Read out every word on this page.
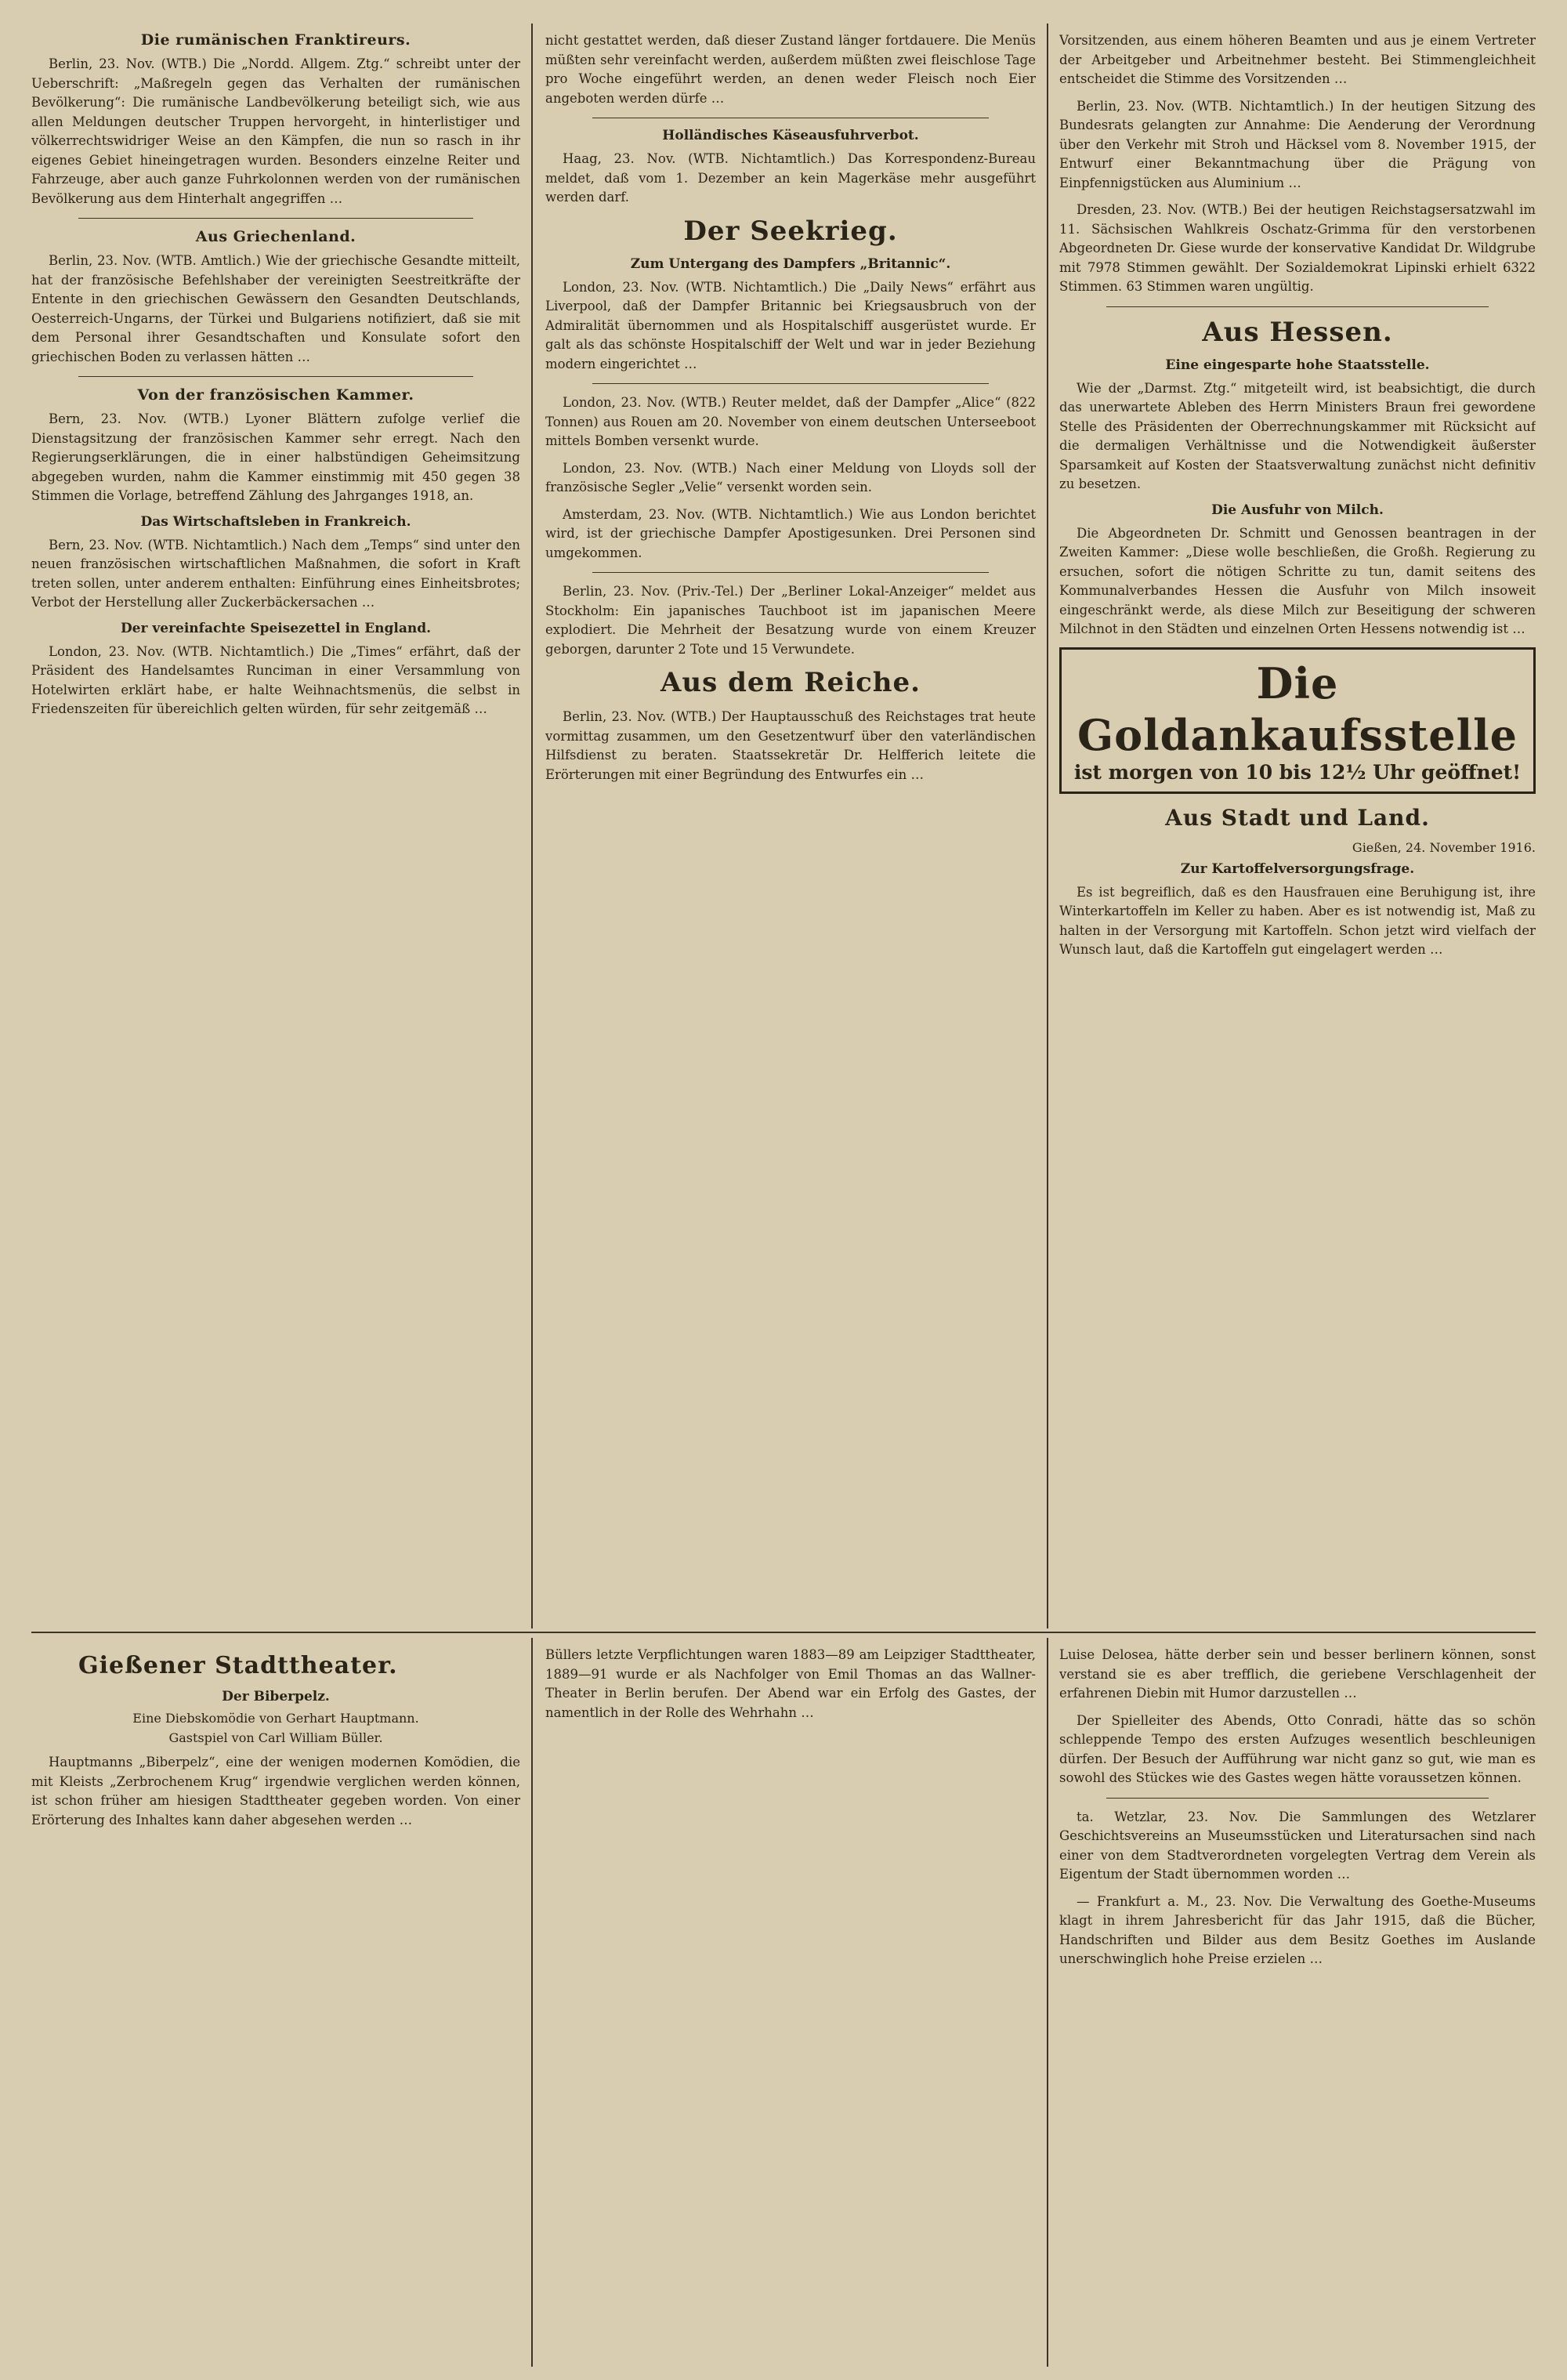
Die rumänischen Franktireurs.

Berlin, 23. Nov. (WTB.) Die „Nordd. Allgem. Ztg.“ schreibt unter der Ueberschrift: „Maßregeln gegen das Verhalten der rumänischen Bevölkerung“: Die rumänische Landbevölkerung beteiligt sich, wie aus allen Meldungen deutscher Truppen hervorgeht, in hinterlistiger und völkerrechtswidriger Weise an den Kämpfen, die nun so rasch in ihr eigenes Gebiet hineingetragen wurden. Besonders einzelne Reiter und Fahrzeuge, aber auch ganze Fuhrkolonnen werden von der rumänischen Bevölkerung aus dem Hinterhalt angegriffen …

Aus Griechenland.

Berlin, 23. Nov. (WTB. Amtlich.) Wie der griechische Gesandte mitteilt, hat der französische Befehlshaber der vereinigten Seestreitkräfte der Entente in den griechischen Gewässern den Gesandten Deutschlands, Oesterreich-Ungarns, der Türkei und Bulgariens notifiziert, daß sie mit dem Personal ihrer Gesandtschaften und Konsulate sofort den griechischen Boden zu verlassen hätten …

Von der französischen Kammer.

Bern, 23. Nov. (WTB.) Lyoner Blättern zufolge verlief die Dienstagsitzung der französischen Kammer sehr erregt. Nach den Regierungserklärungen, die in einer halbstündigen Geheimsitzung abgegeben wurden, nahm die Kammer einstimmig mit 450 gegen 38 Stimmen die Vorlage, betreffend Zählung des Jahrganges 1918, an.

Das Wirtschaftsleben in Frankreich.

Bern, 23. Nov. (WTB. Nichtamtlich.) Nach dem „Temps“ sind unter den neuen französischen wirtschaftlichen Maßnahmen, die sofort in Kraft treten sollen, unter anderem enthalten: Einführung eines Einheitsbrotes; Verbot der Herstellung aller Zuckerbäckersachen …

Der vereinfachte Speisezettel in England.

London, 23. Nov. (WTB. Nichtamtlich.) Die „Times“ erfährt, daß der Präsident des Handelsamtes Runciman in einer Versammlung von Hotelwirten erklärt habe, er halte Weihnachtsmenüs, die selbst in Friedenszeiten für übereichlich gelten würden, für sehr zeitgemäß …

nicht gestattet werden, daß dieser Zustand länger fortdauere. Die Menüs müßten sehr vereinfacht werden, außerdem müßten zwei fleischlose Tage pro Woche eingeführt werden, an denen weder Fleisch noch Eier angeboten werden dürfe …

Holländisches Käseausfuhrverbot.

Haag, 23. Nov. (WTB. Nichtamtlich.) Das Korrespondenz-Bureau meldet, daß vom 1. Dezember an kein Magerkäse mehr ausgeführt werden darf.

Der Seekrieg.
Zum Untergang des Dampfers „Britannic“.

London, 23. Nov. (WTB. Nichtamtlich.) Die „Daily News“ erfährt aus Liverpool, daß der Dampfer Britannic bei Kriegsausbruch von der Admiralität übernommen und als Hospitalschiff ausgerüstet wurde. Er galt als das schönste Hospitalschiff der Welt und war in jeder Beziehung modern eingerichtet …

London, 23. Nov. (WTB.) Reuter meldet, daß der Dampfer „Alice“ (822 Tonnen) aus Rouen am 20. November von einem deutschen Unterseeboot mittels Bomben versenkt wurde.

London, 23. Nov. (WTB.) Nach einer Meldung von Lloyds soll der französische Segler „Velie“ versenkt worden sein.

Amsterdam, 23. Nov. (WTB. Nichtamtlich.) Wie aus London berichtet wird, ist der griechische Dampfer Apostigesunken. Drei Personen sind umgekommen.

Berlin, 23. Nov. (Priv.-Tel.) Der „Berliner Lokal-Anzeiger“ meldet aus Stockholm: Ein japanisches Tauchboot ist im japanischen Meere explodiert. Die Mehrheit der Besatzung wurde von einem Kreuzer geborgen, darunter 2 Tote und 15 Verwundete.

Aus dem Reiche.

Berlin, 23. Nov. (WTB.) Der Hauptausschuß des Reichstages trat heute vormittag zusammen, um den Gesetzentwurf über den vaterländischen Hilfsdienst zu beraten. Staatssekretär Dr. Helfferich leitete die Erörterungen mit einer Begründung des Entwurfes ein …

Vorsitzenden, aus einem höheren Beamten und aus je einem Vertreter der Arbeitgeber und Arbeitnehmer besteht. Bei Stimmengleichheit entscheidet die Stimme des Vorsitzenden …

Berlin, 23. Nov. (WTB. Nichtamtlich.) In der heutigen Sitzung des Bundesrats gelangten zur Annahme: Die Aenderung der Verordnung über den Verkehr mit Stroh und Häcksel vom 8. November 1915, der Entwurf einer Bekanntmachung über die Prägung von Einpfennigstücken aus Aluminium …

Dresden, 23. Nov. (WTB.) Bei der heutigen Reichstagsersatzwahl im 11. Sächsischen Wahlkreis Oschatz-Grimma für den verstorbenen Abgeordneten Dr. Giese wurde der konservative Kandidat Dr. Wildgrube mit 7978 Stimmen gewählt. Der Sozialdemokrat Lipinski erhielt 6322 Stimmen. 63 Stimmen waren ungültig.

Aus Hessen.
Eine eingesparte hohe Staatsstelle.

Wie der „Darmst. Ztg.“ mitgeteilt wird, ist beabsichtigt, die durch das unerwartete Ableben des Herrn Ministers Braun frei gewordene Stelle des Präsidenten der Oberrechnungskammer mit Rücksicht auf die dermaligen Verhältnisse und die Notwendigkeit äußerster Sparsamkeit auf Kosten der Staatsverwaltung zunächst nicht definitiv zu besetzen.

Die Ausfuhr von Milch.

Die Abgeordneten Dr. Schmitt und Genossen beantragen in der Zweiten Kammer: „Diese wolle beschließen, die Großh. Regierung zu ersuchen, sofort die nötigen Schritte zu tun, damit seitens des Kommunalverbandes Hessen die Ausfuhr von Milch insoweit eingeschränkt werde, als diese Milch zur Beseitigung der schweren Milchnot in den Städten und einzelnen Orten Hessens notwendig ist …

Die Goldankaufsstelle
ist morgen von 10 bis 12½ Uhr geöffnet!
Aus Stadt und Land.
Gießen, 24. November 1916.
Zur Kartoffelversorgungsfrage.

Es ist begreiflich, daß es den Hausfrauen eine Beruhigung ist, ihre Winterkartoffeln im Keller zu haben. Aber es ist notwendig ist, Maß zu halten in der Versorgung mit Kartoffeln. Schon jetzt wird vielfach der Wunsch laut, daß die Kartoffeln gut eingelagert werden …

Gießener Stadttheater.
Der Biberpelz.
Eine Diebskomödie von Gerhart Hauptmann.
Gastspiel von Carl William Büller.

Hauptmanns „Biberpelz“, eine der wenigen modernen Komödien, die mit Kleists „Zerbrochenem Krug“ irgendwie verglichen werden können, ist schon früher am hiesigen Stadttheater gegeben worden. Von einer Erörterung des Inhaltes kann daher abgesehen werden …

Büllers letzte Verpflichtungen waren 1883—89 am Leipziger Stadttheater, 1889—91 wurde er als Nachfolger von Emil Thomas an das Wallner-Theater in Berlin berufen. Der Abend war ein Erfolg des Gastes, der namentlich in der Rolle des Wehrhahn …

Luise Delosea, hätte derber sein und besser berlinern können, sonst verstand sie es aber trefflich, die geriebene Verschlagenheit der erfahrenen Diebin mit Humor darzustellen …

Der Spielleiter des Abends, Otto Conradi, hätte das so schön schleppende Tempo des ersten Aufzuges wesentlich beschleunigen dürfen. Der Besuch der Aufführung war nicht ganz so gut, wie man es sowohl des Stückes wie des Gastes wegen hätte voraussetzen können.

ta. Wetzlar, 23. Nov. Die Sammlungen des Wetzlarer Geschichtsvereins an Museumsstücken und Literatursachen sind nach einer von dem Stadtverordneten vorgelegten Vertrag dem Verein als Eigentum der Stadt übernommen worden …

— Frankfurt a. M., 23. Nov. Die Verwaltung des Goethe-Museums klagt in ihrem Jahresbericht für das Jahr 1915, daß die Bücher, Handschriften und Bilder aus dem Besitz Goethes im Auslande unerschwinglich hohe Preise erzielen …
